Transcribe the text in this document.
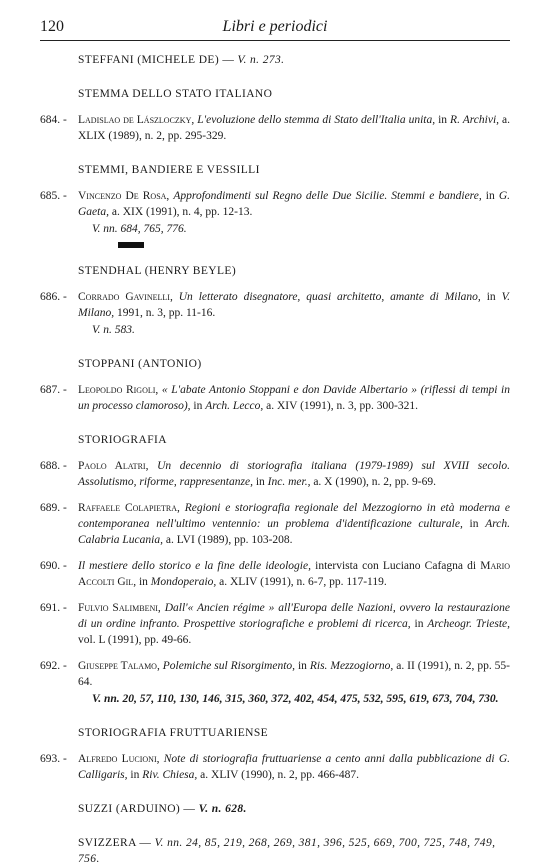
120	Libri e periodici
STEFFANI (MICHELE DE) — V. n. 273.
STEMMA DELLO STATO ITALIANO
684. - Ladislao de Lászloczky, L'evoluzione dello stemma di Stato dell'Italia unita, in R. Archivi, a. XLIX (1989), n. 2, pp. 295-329.
STEMMI, BANDIERE E VESSILLI
685. - Vincenzo De Rosa, Approfondimenti sul Regno delle Due Sicilie. Stemmi e bandiere, in G. Gaeta, a. XIX (1991), n. 4, pp. 12-13.
V. nn. 684, 765, 776.
STENDHAL (HENRY BEYLE)
686. - Corrado Gavinelli, Un letterato disegnatore, quasi architetto, amante di Milano, in V. Milano, 1991, n. 3, pp. 11-16.
V. n. 583.
STOPPANI (ANTONIO)
687. - Leopoldo Rigoli, « L'abate Antonio Stoppani e don Davide Albertario » (riflessi di tempi in un processo clamoroso), in Arch. Lecco, a. XIV (1991), n. 3, pp. 300-321.
STORIOGRAFIA
688. - Paolo Alatri, Un decennio di storiografia italiana (1979-1989) sul XVIII secolo. Assolutismo, riforme, rappresentanze, in Inc. mer., a. X (1990), n. 2, pp. 9-69.
689. - Raffaele Colapietra, Regioni e storiografia regionale del Mezzogiorno in età moderna e contemporanea nell'ultimo ventennio: un problema d'identificazione culturale, in Arch. Calabria Lucania, a. LVI (1989), pp. 103-208.
690. - Il mestiere dello storico e la fine delle ideologie, intervista con Luciano Cafagna di Mario Accolti Gil, in Mondoperaio, a. XLIV (1991), n. 6-7, pp. 117-119.
691. - Fulvio Salimbeni, Dall'« Ancien régime » all'Europa delle Nazioni, ovvero la restaurazione di un ordine infranto. Prospettive storiografiche e problemi di ricerca, in Archeogr. Trieste, vol. L (1991), pp. 49-66.
692. - Giuseppe Talamo, Polemiche sul Risorgimento, in Ris. Mezzogiorno, a. II (1991), n. 2, pp. 55-64.
V. nn. 20, 57, 110, 130, 146, 315, 360, 372, 402, 454, 475, 532, 595, 619, 673, 704, 730.
STORIOGRAFIA FRUTTUARIENSE
693. - Alfredo Lucioni, Note di storiografia fruttuariense a cento anni dalla pubblicazione di G. Calligaris, in Riv. Chiesa, a. XLIV (1990), n. 2, pp. 466-487.
SUZZI (ARDUINO) — V. n. 628.
SVIZZERA — V. nn. 24, 85, 219, 268, 269, 381, 396, 525, 669, 700, 725, 748, 749, 756.
